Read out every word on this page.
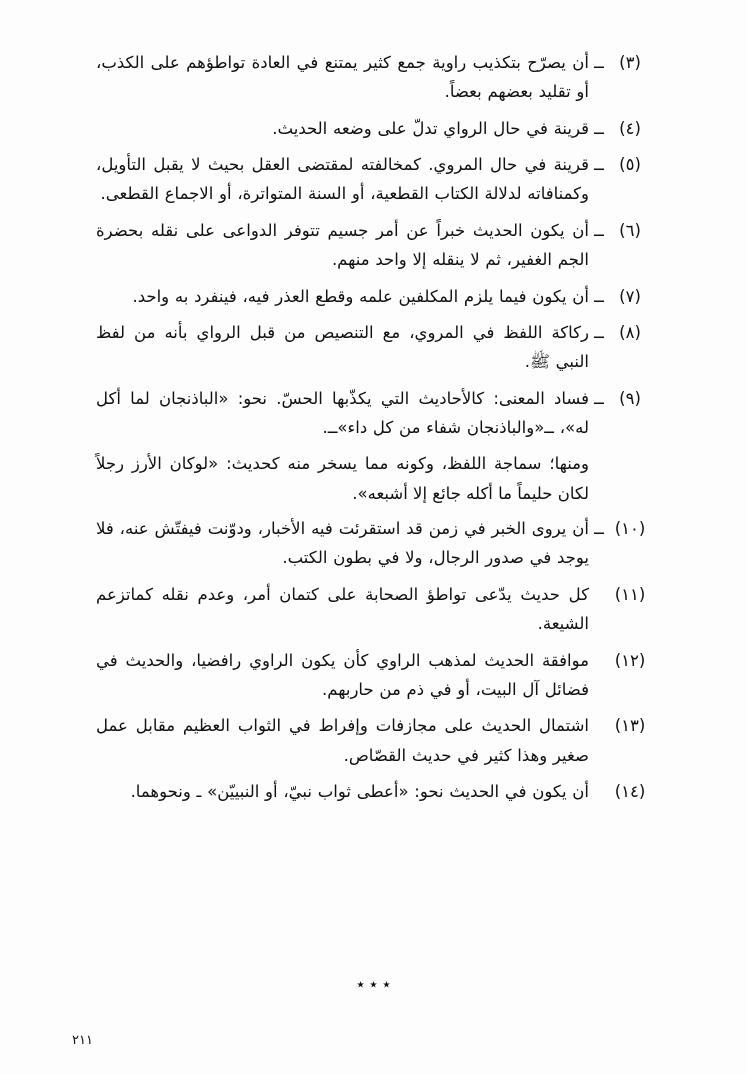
(٣)
ــ
أن يصرّح بتكذيب راوية جمع كثير يمتنع في العادة تواطؤهم على الكذب، أو تقليد بعضهم بعضاً.
(٤)
ــ
قرينة في حال الرواي تدلّ على وضعه الحديث.
(٥)
ــ
قرينة في حال المروي. كمخالفته لمقتضى العقل بحيث لا يقبل التأويل، وكمنافاته لدلالة الكتاب القطعية، أو السنة المتواترة، أو الاجماع القطعى.
(٦)
ــ
أن يكون الحديث خبراً عن أمر جسيم تتوفر الدواعى على نقله بحضرة الجم الغفير، ثم لا ينقله إلا واحد منهم.
(٧)
ــ
أن يكون فيما يلزم المكلفين علمه وقطع العذر فيه، فينفرد به واحد.
(٨)
ــ
ركاكة اللفظ في المروي، مع التنصيص من قبل الرواي بأنه من لفظ النبي ﷺ.
(٩)
ــ
فساد المعنى: كالأحاديث التي يكذّبها الحسّ. نحو: «الباذنجان لما أكل له»، ــ«والباذنجان شفاء من كل داء»ــ.
ومنها؛ سماجة اللفظ، وكونه مما يسخر منه كحديث: «لوكان الأرز رجلاً لكان حليماً ما أكله جائع إلا أشبعه».
(١٠)
ــ
أن يروى الخبر في زمن قد استقرئت فيه الأخبار، ودوّنت فيفتّش عنه، فلا يوجد في صدور الرجال، ولا في بطون الكتب.
(١١)
كل حديث يدّعى تواطؤ الصحابة على كتمان أمر، وعدم نقله كماتزعم الشيعة.
(١٢)
موافقة الحديث لمذهب الراوي كأن يكون الراوي رافضيا، والحديث في فضائل آل البيت، أو في ذم من حاربهم.
(١٣)
اشتمال الحديث على مجازفات وإفراط في الثواب العظيم مقابل عمل صغير وهذا كثير في حديث القصّاص.
(١٤)
أن يكون في الحديث نحو: «أعطى ثواب نبيّ، أو النبييّن» ـ ونحوهما.
٭ ٭ ٭
٢١١
